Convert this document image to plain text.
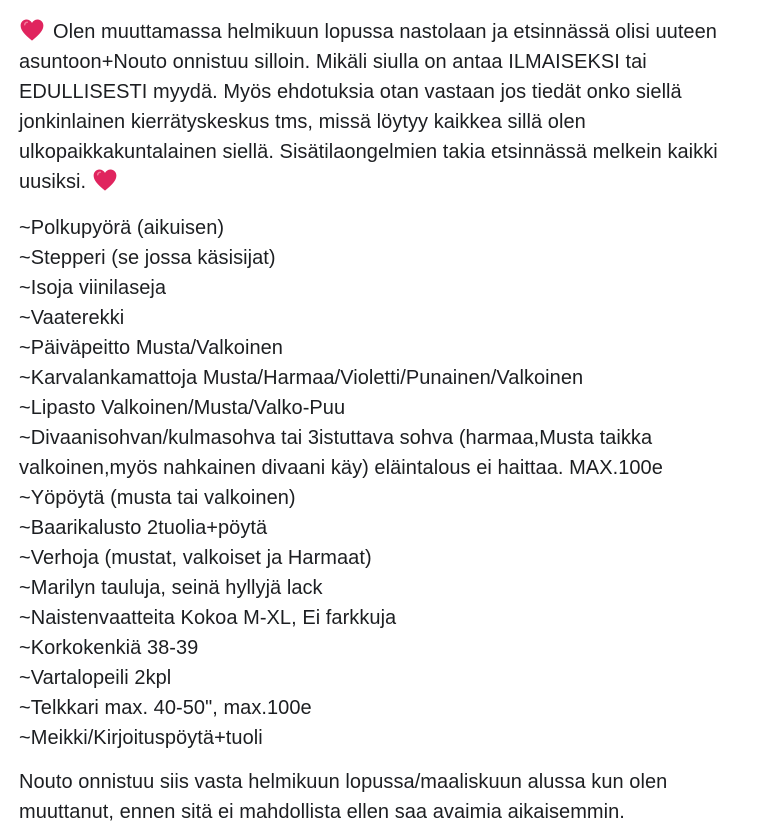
Olen muuttamassa helmikuun lopussa nastolaan ja etsinnässä olisi uuteen asuntoon+Nouto onnistuu silloin. Mikäli siulla on antaa ILMAISEKSI tai EDULLISESTI myydä. Myös ehdotuksia otan vastaan jos tiedät onko siellä jonkinlainen kierrätyskeskus tms, missä löytyy kaikkea sillä olen ulkopaikkakuntalainen siellä. Sisätilaongelmien takia etsinnässä melkein kaikki uusiksi.

~Polkupyörä (aikuisen)
~Stepperi (se jossa käsisijat)
~Isoja viinilaseja
~Vaaterekki
~Päiväpeitto Musta/Valkoinen
~Karvalankamattoja Musta/Harmaa/Violetti/Punainen/Valkoinen
~Lipasto Valkoinen/Musta/Valko-Puu
~Divaanisohvan/kulmasohva tai 3istuttava sohva (harmaa,Musta taikka valkoinen,myös nahkainen divaani käy) eläintalous ei haittaa. MAX.100e
~Yöpöytä (musta tai valkoinen)
~Baarikalusto 2tuolia+pöytä
~Verhoja (mustat, valkoiset ja Harmaat)
~Marilyn tauluja, seinä hyllyjä lack
~Naistenvaatteita Kokoa M-XL, Ei farkkuja
~Korkokenkiä 38-39
~Vartalopeili 2kpl
~Telkkari max. 40-50", max.100e
~Meikki/Kirjoituspöytä+tuoli

Nouto onnistuu siis vasta helmikuun lopussa/maaliskuun alussa kun olen muuttanut, ennen sitä ei mahdollista ellen saa avaimia aikaisemmin.
